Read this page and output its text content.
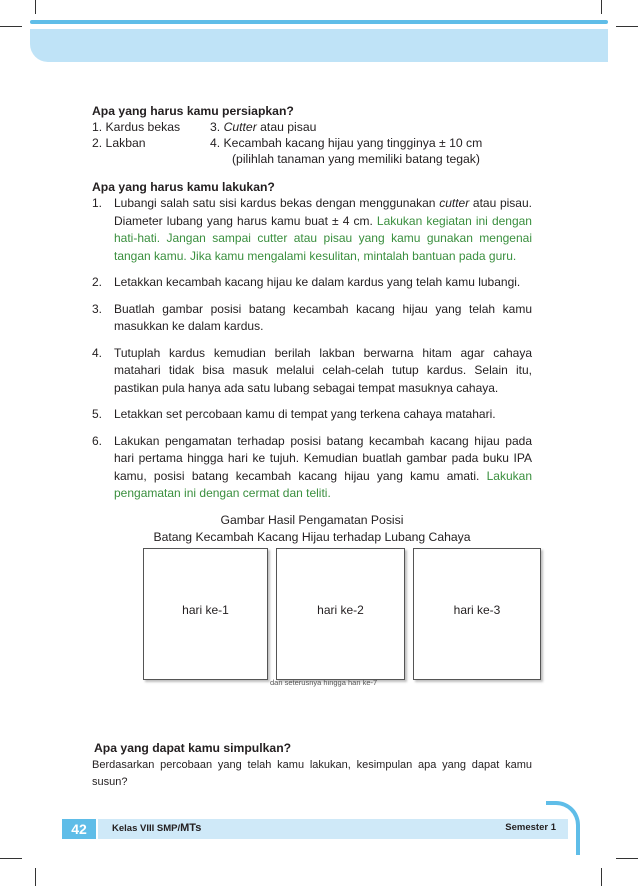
Apa yang harus kamu persiapkan?

1. Kardus bekas	3. Cutter atau pisau
2. Lakban	4. Kecambah kacang hijau yang tingginya ± 10 cm
(pilihlah tanaman yang memiliki batang tegak)

Apa yang harus kamu lakukan?

1. Lubangi salah satu sisi kardus bekas dengan menggunakan cutter atau pisau. Diameter lubang yang harus kamu buat ± 4 cm. Lakukan kegiatan ini dengan hati-hati. Jangan sampai cutter atau pisau yang kamu gunakan mengenai tangan kamu. Jika kamu mengalami kesulitan, mintalah bantuan pada guru.
2. Letakkan kecambah kacang hijau ke dalam kardus yang telah kamu lubangi.
3. Buatlah gambar posisi batang kecambah kacang hijau yang telah kamu masukkan ke dalam kardus.
4. Tutuplah kardus kemudian berilah lakban berwarna hitam agar cahaya matahari tidak bisa masuk melalui celah-celah tutup kardus. Selain itu, pastikan pula hanya ada satu lubang sebagai tempat masuknya cahaya.
5. Letakkan set percobaan kamu di tempat yang terkena cahaya matahari.
6. Lakukan pengamatan terhadap posisi batang kecambah kacang hijau pada hari pertama hingga hari ke tujuh. Kemudian buatlah gambar pada buku IPA kamu, posisi batang kecambah kacang hijau yang kamu amati. Lakukan pengamatan ini dengan cermat dan teliti.
Gambar Hasil Pengamatan Posisi
Batang Kecambah Kacang Hijau terhadap Lubang Cahaya
hari ke-1	hari ke-2	hari ke-3
dan seterusnya hingga hari ke-7
Apa yang dapat kamu simpulkan?

Berdasarkan percobaan yang telah kamu lakukan, kesimpulan apa yang dapat kamu susun?

42	Kelas VIII SMP/MTs	Semester 1
